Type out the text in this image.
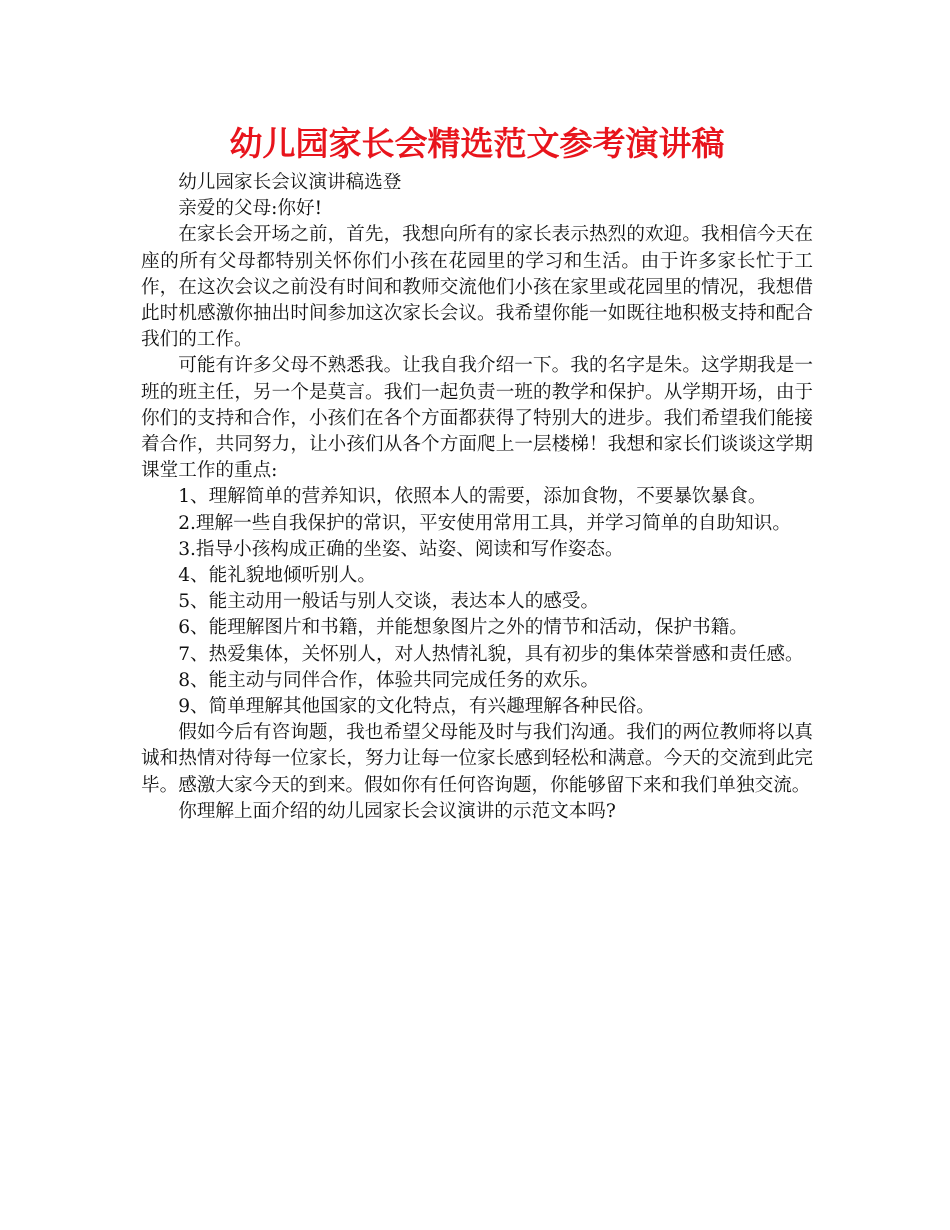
幼儿园家长会精选范文参考演讲稿

幼儿园家长会议演讲稿选登

亲爱的父母:你好!

在家长会开场之前，首先，我想向所有的家长表示热烈的欢迎。我相信今天在座的所有父母都特别关怀你们小孩在花园里的学习和生活。由于许多家长忙于工作，在这次会议之前没有时间和教师交流他们小孩在家里或花园里的情况，我想借此时机感激你抽出时间参加这次家长会议。我希望你能一如既往地积极支持和配合我们的工作。

可能有许多父母不熟悉我。让我自我介绍一下。我的名字是朱。这学期我是一班的班主任，另一个是莫言。我们一起负责一班的教学和保护。从学期开场，由于你们的支持和合作，小孩们在各个方面都获得了特别大的进步。我们希望我们能接着合作，共同努力，让小孩们从各个方面爬上一层楼梯！我想和家长们谈谈这学期课堂工作的重点:

1、理解简单的营养知识，依照本人的需要，添加食物，不要暴饮暴食。

2.理解一些自我保护的常识，平安使用常用工具，并学习简单的自助知识。

3.指导小孩构成正确的坐姿、站姿、阅读和写作姿态。

4、能礼貌地倾听别人。

5、能主动用一般话与别人交谈，表达本人的感受。

6、能理解图片和书籍，并能想象图片之外的情节和活动，保护书籍。

7、热爱集体，关怀别人，对人热情礼貌，具有初步的集体荣誉感和责任感。

8、能主动与同伴合作，体验共同完成任务的欢乐。

9、简单理解其他国家的文化特点，有兴趣理解各种民俗。

假如今后有咨询题，我也希望父母能及时与我们沟通。我们的两位教师将以真诚和热情对待每一位家长，努力让每一位家长感到轻松和满意。今天的交流到此完毕。感激大家今天的到来。假如你有任何咨询题，你能够留下来和我们单独交流。

你理解上面介绍的幼儿园家长会议演讲的示范文本吗?
